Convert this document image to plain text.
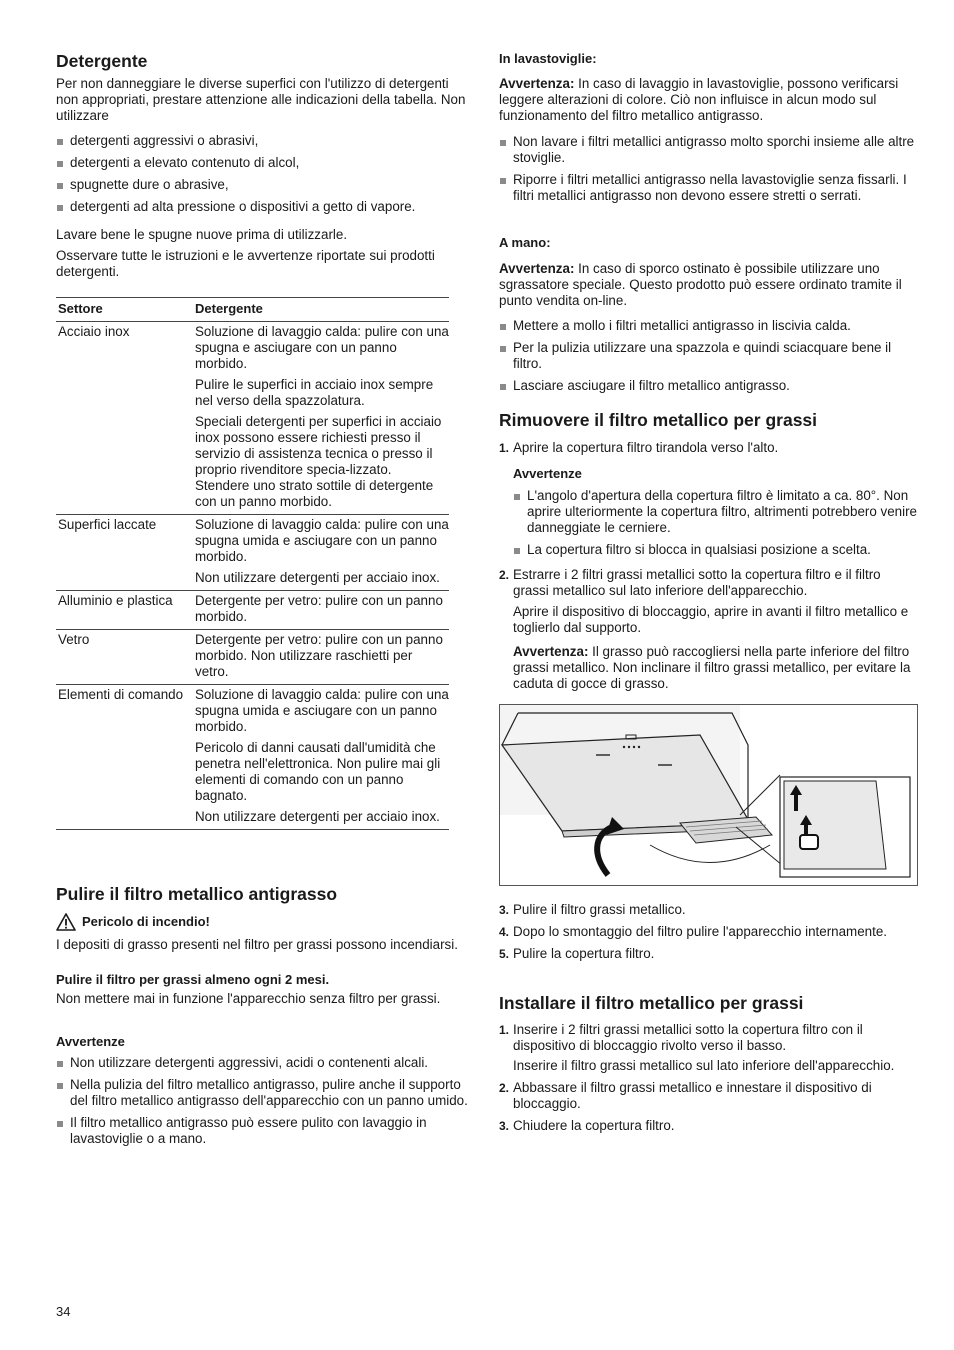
Detergente

Per non danneggiare le diverse superfici con l'utilizzo di detergenti non appropriati, prestare attenzione alle indicazioni della tabella. Non utilizzare

detergenti aggressivi o abrasivi,
detergenti a elevato contenuto di alcol,
spugnette dure o abrasive,
detergenti ad alta pressione o dispositivi a getto di vapore.

Lavare bene le spugne nuove prima di utilizzarle.

Osservare tutte le istruzioni e le avvertenze riportate sui prodotti detergenti.

Settore	Detergente
Acciaio inox	Soluzione di lavaggio calda: pulire con una spugna e asciugare con un panno morbido.

Pulire le superfici in acciaio inox sempre nel verso della spazzolatura.

Speciali detergenti per superfici in acciaio inox possono essere richiesti presso il servizio di assistenza tecnica o presso il proprio rivenditore specia-lizzato. Stendere uno strato sottile di detergente con un panno morbido.

Superfici laccate	Soluzione di lavaggio calda: pulire con una spugna umida e asciugare con un panno morbido.

Non utilizzare detergenti per acciaio inox.

Alluminio e plastica	Detergente per vetro: pulire con un panno morbido.

Vetro	Detergente per vetro: pulire con un panno morbido. Non utilizzare raschietti per vetro.

Elementi di comando	Soluzione di lavaggio calda: pulire con una spugna umida e asciugare con un panno morbido.

Pericolo di danni causati dall'umidità che penetra nell'elettronica. Non pulire mai gli elementi di comando con un panno bagnato.

Non utilizzare detergenti per acciaio inox.

Pulire il filtro metallico antigrasso
Pericolo di incendio!

I depositi di grasso presenti nel filtro per grassi possono incendiarsi.

Pulire il filtro per grassi almeno ogni 2 mesi.

Non mettere mai in funzione l'apparecchio senza filtro per grassi.

Avvertenze

Non utilizzare detergenti aggressivi, acidi o contenenti alcali.
Nella pulizia del filtro metallico antigrasso, pulire anche il supporto del filtro metallico antigrasso dell'apparecchio con un panno umido.
Il filtro metallico antigrasso può essere pulito con lavaggio in lavastoviglie o a mano.

In lavastoviglie:

Avvertenza: In caso di lavaggio in lavastoviglie, possono verificarsi leggere alterazioni di colore. Ciò non influisce in alcun modo sul funzionamento del filtro metallico antigrasso.

Non lavare i filtri metallici antigrasso molto sporchi insieme alle altre stoviglie.
Riporre i filtri metallici antigrasso nella lavastoviglie senza fissarli. I filtri metallici antigrasso non devono essere stretti o serrati.

A mano:

Avvertenza: In caso di sporco ostinato è possibile utilizzare uno sgrassatore speciale. Questo prodotto può essere ordinato tramite il punto vendita on-line.

Mettere a mollo i filtri metallici antigrasso in liscivia calda.
Per la pulizia utilizzare una spazzola e quindi sciacquare bene il filtro.
Lasciare asciugare il filtro metallico antigrasso.
Rimuovere il filtro metallico per grassi
1. Aprire la copertura filtro tirandola verso l'alto.

Avvertenze

L'angolo d'apertura della copertura filtro è limitato a ca. 80°. Non aprire ulteriormente la copertura filtro, altrimenti potrebbero venire danneggiate le cerniere.
La copertura filtro si blocca in qualsiasi posizione a scelta.
2. Estrarre i 2 filtri grassi metallici sotto la copertura filtro e il filtro grassi metallico sul lato inferiore dell'apparecchio.

Aprire il dispositivo di bloccaggio, aprire in avanti il filtro metallico e toglierlo dal supporto.

Avvertenza: Il grasso può raccogliersi nella parte inferiore del filtro grassi metallico. Non inclinare il filtro grassi metallico, per evitare la caduta di gocce di grasso.

3. Pulire il filtro grassi metallico.
4. Dopo lo smontaggio del filtro pulire l'apparecchio internamente.
5. Pulire la copertura filtro.
Installare il filtro metallico per grassi
1. Inserire i 2 filtri grassi metallici sotto la copertura filtro con il dispositivo di bloccaggio rivolto verso il basso.

Inserire il filtro grassi metallico sul lato inferiore dell'apparecchio.

2. Abbassare il filtro grassi metallico e innestare il dispositivo di bloccaggio.
3. Chiudere la copertura filtro.
34
